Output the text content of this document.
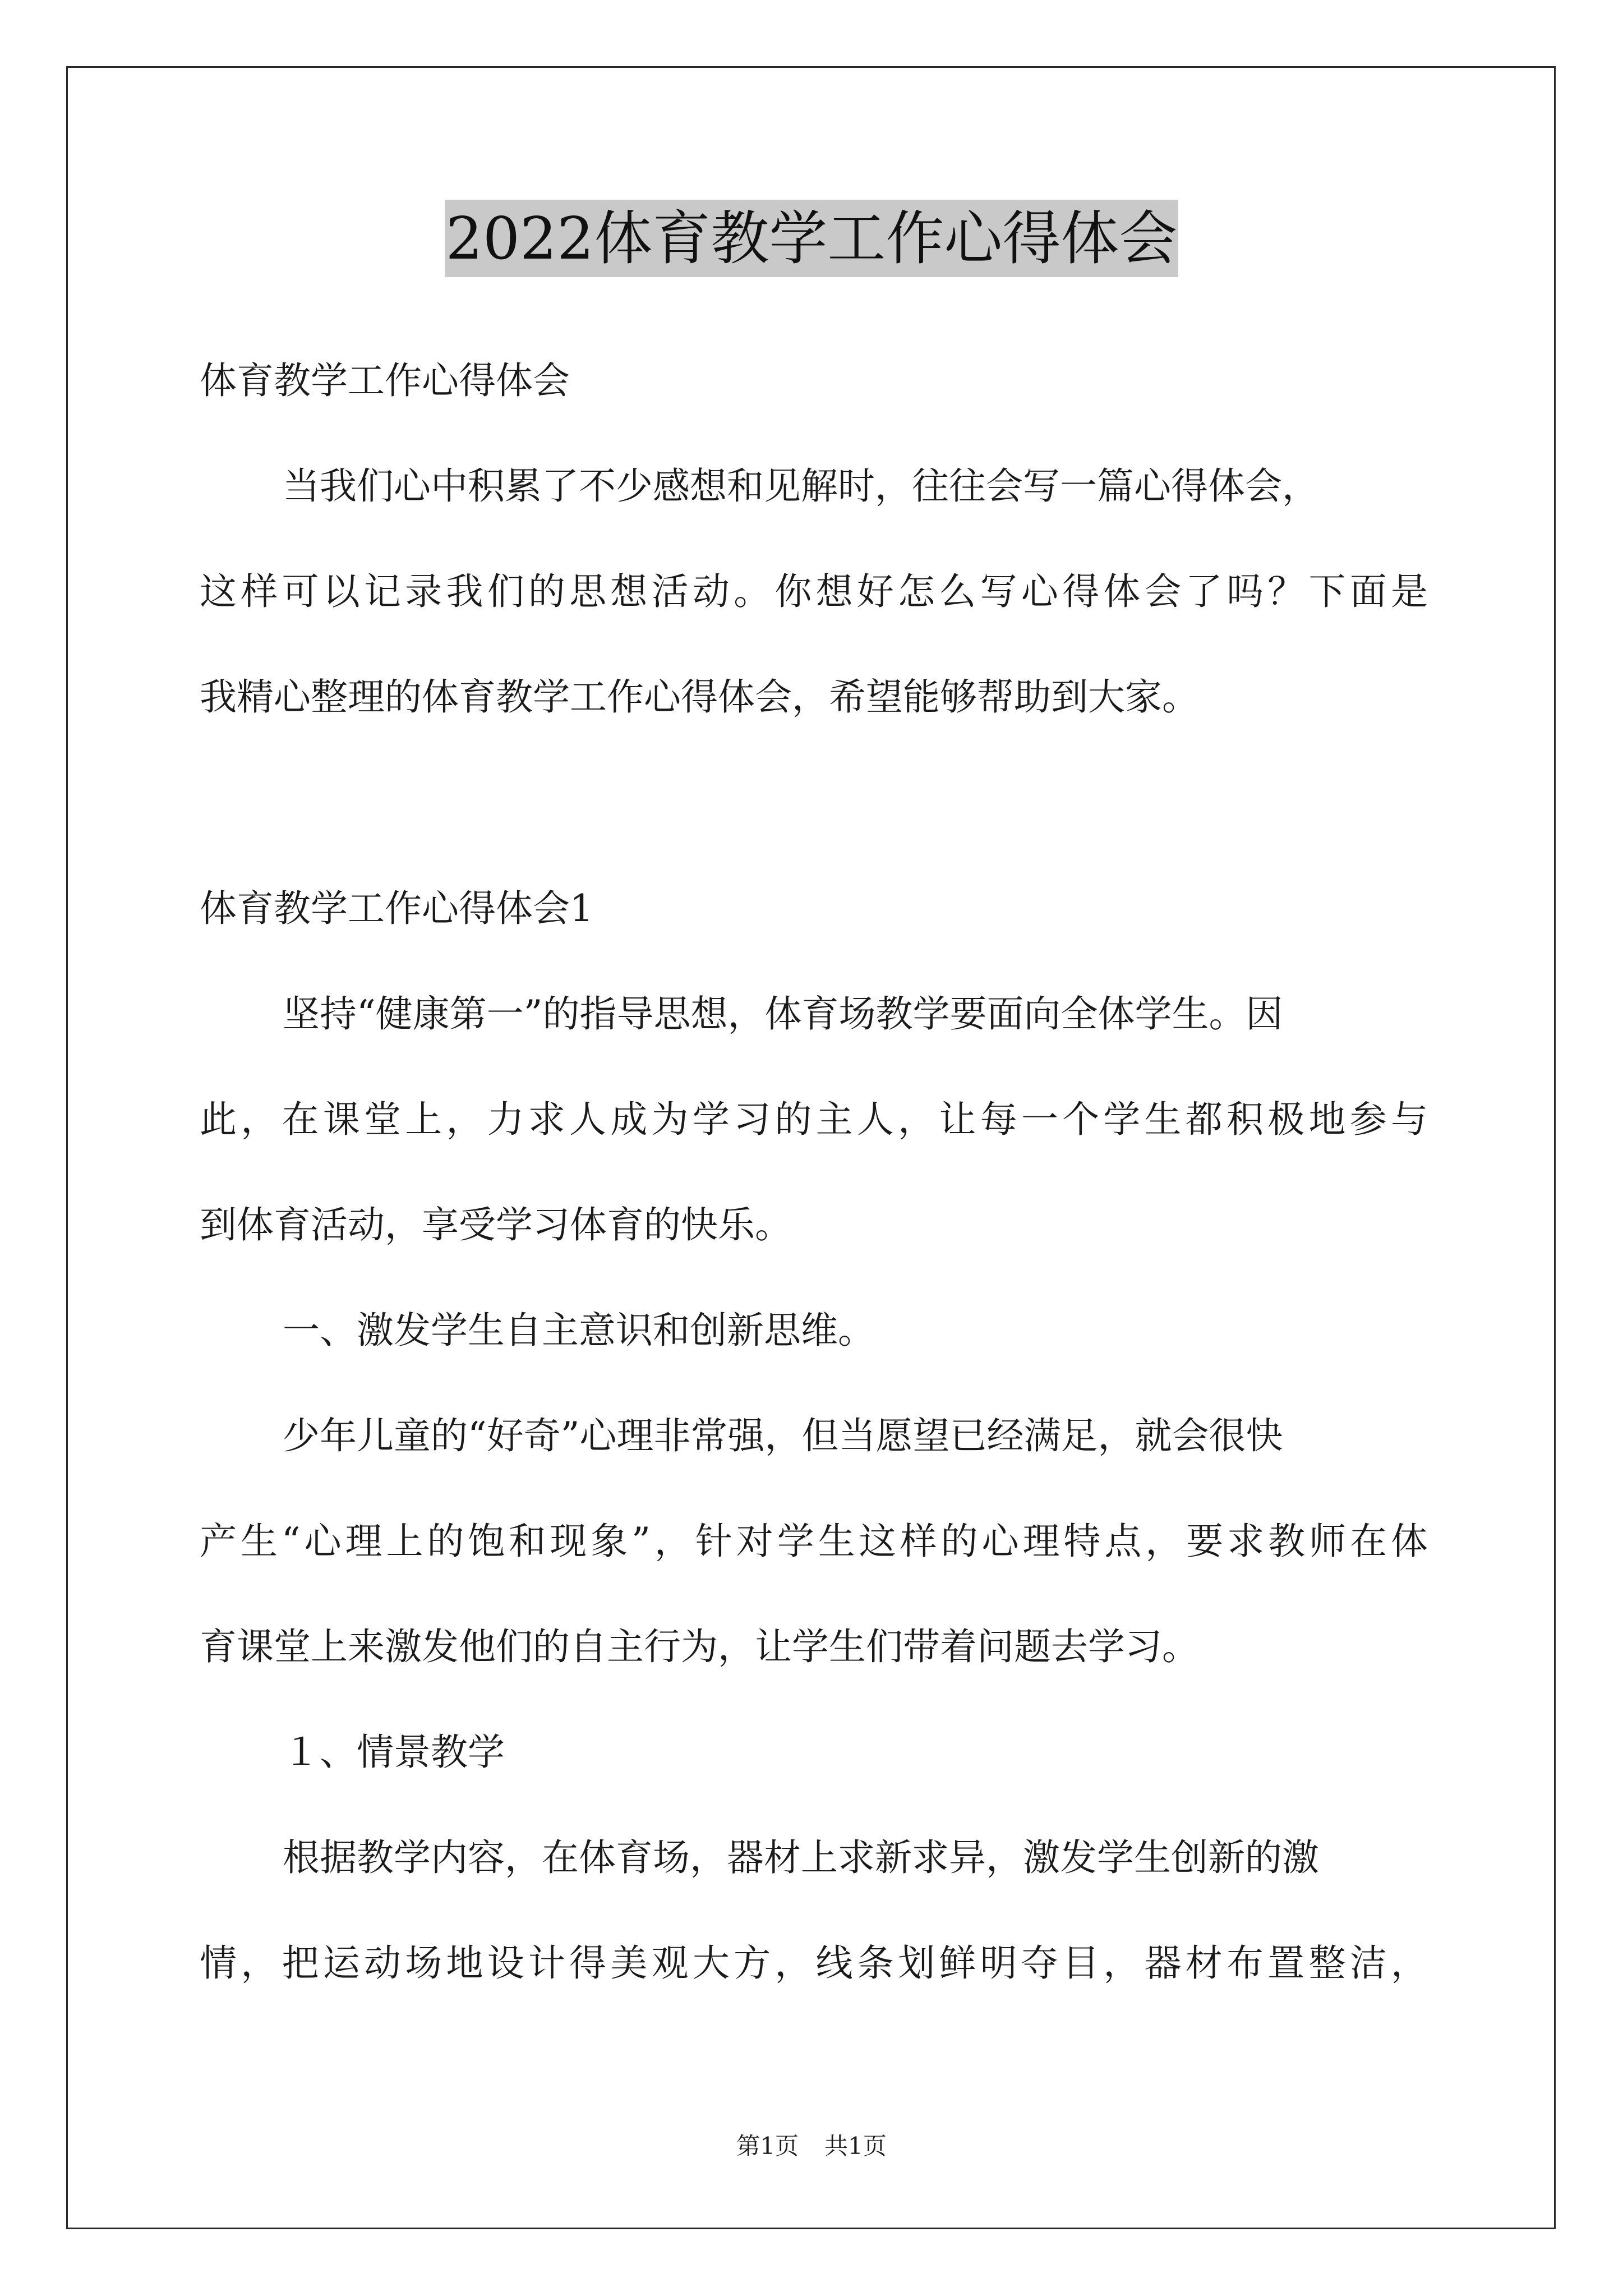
2022体育教学工作心得体会
体育教学工作心得体会
当我们心中积累了不少感想和见解时，往往会写一篇心得体会，
这样可以记录我们的思想活动。你想好怎么写心得体会了吗？下面是
我精心整理的体育教学工作心得体会，希望能够帮助到大家。
体育教学工作心得体会1
坚持“健康第一”的指导思想，体育场教学要面向全体学生。因
此，在课堂上，力求人成为学习的主人，让每一个学生都积极地参与
到体育活动，享受学习体育的快乐。
一、激发学生自主意识和创新思维。
少年儿童的“好奇”心理非常强，但当愿望已经满足，就会很快
产生“心理上的饱和现象”，针对学生这样的心理特点，要求教师在体
育课堂上来激发他们的自主行为，让学生们带着问题去学习。
１、情景教学
根据教学内容，在体育场，器材上求新求异，激发学生创新的激
情，把运动场地设计得美观大方，线条划鲜明夺目，器材布置整洁，
第1页 共1页
